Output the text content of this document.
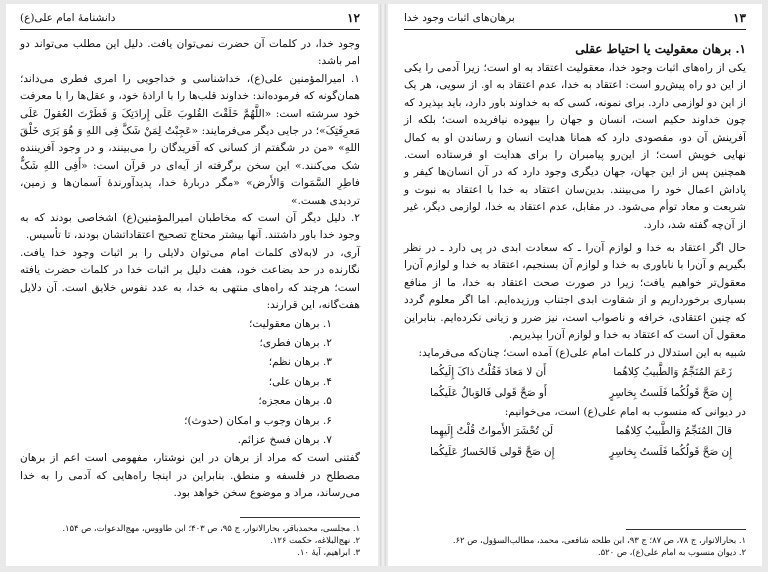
۱۲
دانشنامهٔ امام علی(ع)

وجود خدا، در کلمات آن حضرت نمی‌توان یافت. دلیل این مطلب می‌تواند دو امر باشد:

۱. امیرالمؤمنین علی(ع)، خداشناسی و خداجویی را امری فطری می‌داند؛ همان‌گونه که فرموده‌اند: خداوند قلب‌ها را با ارادهٔ خود، و عقل‌ها را با معرفت خود سرشته است: «اللَّهُمَّ خَلَقْتَ القُلوبَ عَلَی إِرادَتِکَ وَ فَطَرْتَ العُقولَ عَلَی مَعرِفَتِکَ»؛ در جایی دیگر می‌فرمایند: «عَجِبْتُ لِمَنْ شَکَّ فِی اللهِ وَ هُوَ یَرَی خَلْقَ اللهِ» «من در شگفتم از کسانی که آفریدگان را می‌بینند، و در وجود آفریننده شک می‌کنند.» این سخن برگرفته از آیه‌ای در قرآن است: «أَفِی اللهِ شَکٌّ فاطِرِ السَّمَوات وَالأَرض» «مگر دربارهٔ خدا، پدیدآورندهٔ آسمان‌ها و زمین، تردیدی هست.»

۲. دلیل دیگر آن است که مخاطبان امیرالمؤمنین(ع) اشخاصی بودند که به وجود خدا باور داشتند. آنها بیشتر محتاج تصحیح اعتقاداتشان بودند، تا تأسیس.

آری، در لابه‌لای کلمات امام می‌توان دلایلی را بر اثبات وجود خدا یافت. نگارنده در حد بضاعت خود، هفت دلیل بر اثبات خدا در کلمات حضرت یافته است؛ هرچند که راه‌های منتهی به خدا، به عدد نفوس خلایق است. آن دلایل هفت‌گانه، این قرارند:

۱. برهان معقولیت؛
۲. برهان فطری؛
۳. برهان نظم؛
۴. برهان علی؛
۵. برهان معجزه؛
۶. برهان وجوب و امکان (حدوث)؛
۷. برهان فسخ عزائم.

گفتنی است که مراد از برهان در این نوشتار، مفهومی است اعم از برهان مصطلح در فلسفه و منطق. بنابراین در اینجا راه‌هایی که آدمی را به خدا می‌رساند، مراد و موضوع سخن خواهد بود.

۱. مجلسی، محمدباقر، بحارالانوار، ج ۹۵، ص ۴۰۳؛ ابن طاووس، مهج‌الدعوات، ص ۱۵۴.
۲. نهج‌البلاغه، حکمت ۱۲۶.
۳. ابراهیم، آیهٔ ۱۰.
۱۳
برهان‌های اثبات وجود خدا
۱. برهان معقولیت یا احتیاط عقلی

یکی از راه‌های اثبات وجود خدا، معقولیت اعتقاد به او است؛ زیرا آدمی را یکی از این دو راه پیش‌رو است: اعتقاد به خدا، عدم اعتقاد به او. از سویی، هر یک از این دو لوازمی دارد. برای نمونه، کسی که به خداوند باور دارد، باید بپذیرد که چون خداوند حکیم است، انسان و جهان را بیهوده نیافریده است؛ بلکه از آفرینش آن دو، مقصودی دارد که همانا هدایت انسان و رساندن او به کمال نهایی خویش است؛ از این‌رو پیامبران را برای هدایت او فرستاده است. همچنین پس از این جهان، جهان دیگری وجود دارد که در آن انسان‌ها کیفر و پاداش اعمال خود را می‌بینند. بدین‌سان اعتقاد به خدا با اعتقاد به نبوت و شریعت و معاد توأم می‌شود. در مقابل، عدم اعتقاد به خدا، لوازمی دیگر، غیر از آن‌چه گفته شد، دارد.

حال اگر اعتقاد به خدا و لوازم آن‌را ـ که سعادت ابدی در پی دارد ـ در نظر بگیریم و آن‌را با ناباوری به خدا و لوازم آن بسنجیم، اعتقاد به خدا و لوازم آن‌را معقول‌تر خواهیم یافت؛ زیرا در صورت صحت اعتقاد به خدا، ما از منافع بسیاری برخورداریم و از شقاوت ابدی اجتناب ورزیده‌ایم. اما اگر معلوم گردد که چنین اعتقادی، خرافه و ناصواب است، نیز ضرر و زیانی نکرده‌ایم. بنابراین معقول آن است که اعتقاد به خدا و لوازم آن‌را بپذیریم.

شبیه به این استدلال در کلمات امام علی(ع) آمده است؛ چنان‌که می‌فرماید:

زَعَمَ المُنَجِّمُ وَالطَّبیبُ کِلاهُما
أَن لا مَعادَ فَقُلْتُ ذاکَ إِلَیکُما
إِن صَحَّ قَولُکُما فَلَستُ بِخاسِرٍ
أَو صَحَّ قَولی فَالوَبالُ عَلَیکُما

در دیوانی که منسوب به امام علی(ع) است، می‌خوانیم:

قالَ المُنَجِّمُ وَالطَّبیبُ کِلاهُما
لَن تُحْشَرَ الأَمواتُ قُلْتُ إِلَیهِما
إِن صَحَّ قَولُکُما فَلَستُ بِخاسِرٍ
إِن صَحَّ قَولی فَالخَسارُ عَلَیکُما
۱. بحارالانوار، ج ۷۸، ص ۸۷؛ ج ۹۳، ابن طلحه شافعی، محمد، مطالب‌السؤول، ص ۶۲.
۲. دیوان منسوب به امام علی(ع)، ص ۵۲۰.
